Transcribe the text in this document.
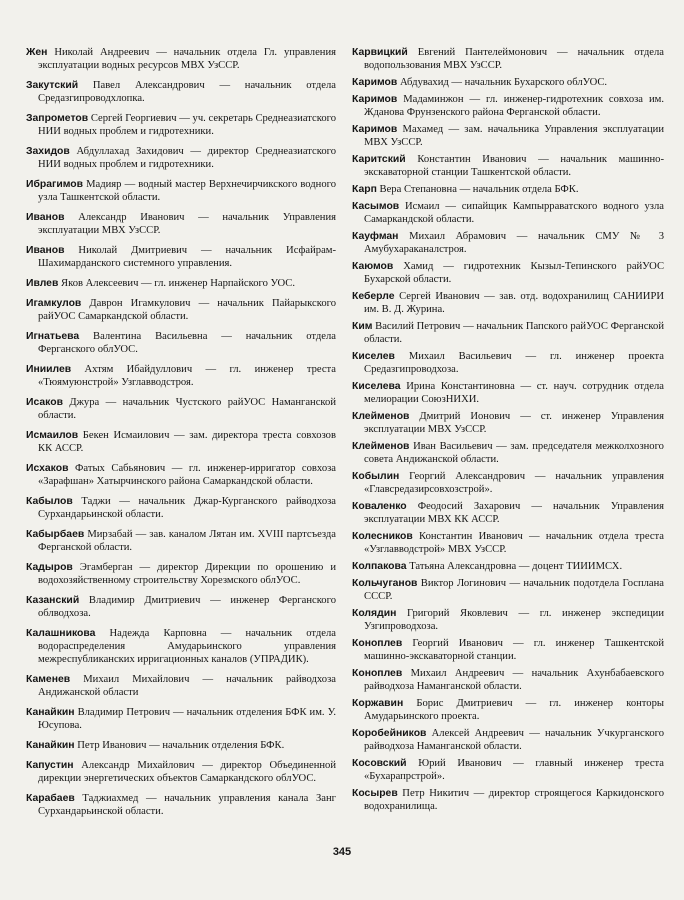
Жен Николай Андреевич — начальник отдела Гл. управления эксплуатации водных ресурсов МВХ УзССР.

Закутский Павел Александрович — начальник отдела Средазгипроводхлопка.

Запрометов Сергей Георгиевич — уч. секретарь Среднеазиатского НИИ водных проблем и гидротехники.

Захидов Абдуллахад Захидович — директор Среднеазиатского НИИ водных проблем и гидротехники.

Ибрагимов Мадияр — водный мастер Верхнечирчикского водного узла Ташкентской области.

Иванов Александр Иванович — начальник Управления эксплуатации МВХ УзССР.

Иванов Николай Дмитриевич — начальник Исфайрам-Шахимарданского системного управления.

Ивлев Яков Алексеевич — гл. инженер Нарпайского УОС.

Игамкулов Даврон Игамкулович — начальник Пайарыкского райУОС Самаркандской области.

Игнатьева Валентина Васильевна — начальник отдела Ферганского облУОС.

Иниилев Ахтям Ибайдуллович — гл. инженер треста «Тюямуюнстрой» Узглавводстроя.

Исаков Джура — начальник Чустского райУОС Наманганской области.

Исмаилов Бекен Исмаилович — зам. директора треста совхозов КК АССР.

Исхаков Фатых Сабьянович — гл. инженер-ирригатор совхоза «Зарафшан» Хатырчинского района Самаркандской области.

Кабылов Таджи — начальник Джар-Курганского райводхоза Сурхандарьинской области.

Кабырбаев Мирзабай — зав. каналом Лятан им. XVIII партсъезда Ферганской области.

Кадыров Эгамберган — директор Дирекции по орошению и водохозяйственному строительству Хорезмского облУОС.

Казанский Владимир Дмитриевич — инженер Ферганского облводхоза.

Калашникова Надежда Карповна — начальник отдела водораспределения Амударьинского управления межреспубликанских ирригационных каналов (УПРАДИК).

Каменев Михаил Михайлович — начальник райводхоза Андижанской области

Канайкин Владимир Петрович — начальник отделения БФК им. У. Юсупова.

Канайкин Петр Иванович — начальник отделения БФК.

Капустин Александр Михайлович — директор Объединенной дирекции энергетических объектов Самаркандского облУОС.

Карабаев Таджиахмед — начальник управления канала Занг Сурхандарьинской области.

Карвицкий Евгений Пантелеймонович — начальник отдела водопользования МВХ УзССР.

Каримов Абдувахид — начальник Бухарского облУОС.

Каримов Мадаминжон — гл. инженер-гидротехник совхоза им. Жданова Фрунзенского района Ферганской области.

Каримов Махамед — зам. начальника Управления эксплуатации МВХ УзССР.

Каритский Константин Иванович — начальник машинно-экскаваторной станции Ташкентской области.

Карп Вера Степановна — начальник отдела БФК.

Касымов Исмаил — сипайщик Кампырраватского водного узла Самаркандской области.

Кауфман Михаил Абрамович — начальник СМУ № 3 Амубухараканалстроя.

Каюмов Хамид — гидротехник Кызыл-Тепинского райУОС Бухарской области.

Кеберле Сергей Иванович — зав. отд. водохранилищ САНИИРИ им. В. Д. Журина.

Ким Василий Петрович — начальник Папского райУОС Ферганской области.

Киселев Михаил Васильевич — гл. инженер проекта Средазгипроводхоза.

Киселева Ирина Константиновна — ст. науч. сотрудник отдела мелиорации СоюзНИХИ.

Клейменов Дмитрий Ионович — ст. инженер Управления эксплуатации МВХ УзССР.

Клейменов Иван Васильевич — зам. председателя межколхозного совета Андижанской области.

Кобылин Георгий Александрович — начальник управления «Главсредазирсовхозстрой».

Коваленко Феодосий Захарович — начальник Управления эксплуатации МВХ КК АССР.

Колесников Константин Иванович — начальник отдела треста «Узглавводстрой» МВХ УзССР.

Колпакова Татьяна Александровна — доцент ТИИИМСХ.

Кольчуганов Виктор Логинович — начальник подотдела Госплана СССР.

Колядин Григорий Яковлевич — гл. инженер экспедиции Узгипроводхоза.

Коноплев Георгий Иванович — гл. инженер Ташкентской машинно-экскаваторной станции.

Коноплев Михаил Андреевич — начальник Ахунбабаевского райводхоза Наманганской области.

Коржавин Борис Дмитриевич — гл. инженер конторы Амударьинского проекта.

Коробейников Алексей Андреевич — начальник Учкурганского райводхоза Наманганской области.

Косовский Юрий Иванович — главный инженер треста «Бухарапрстрой».

Косырев Петр Никитич — директор строящегося Каркидонского водохранилища.

345
